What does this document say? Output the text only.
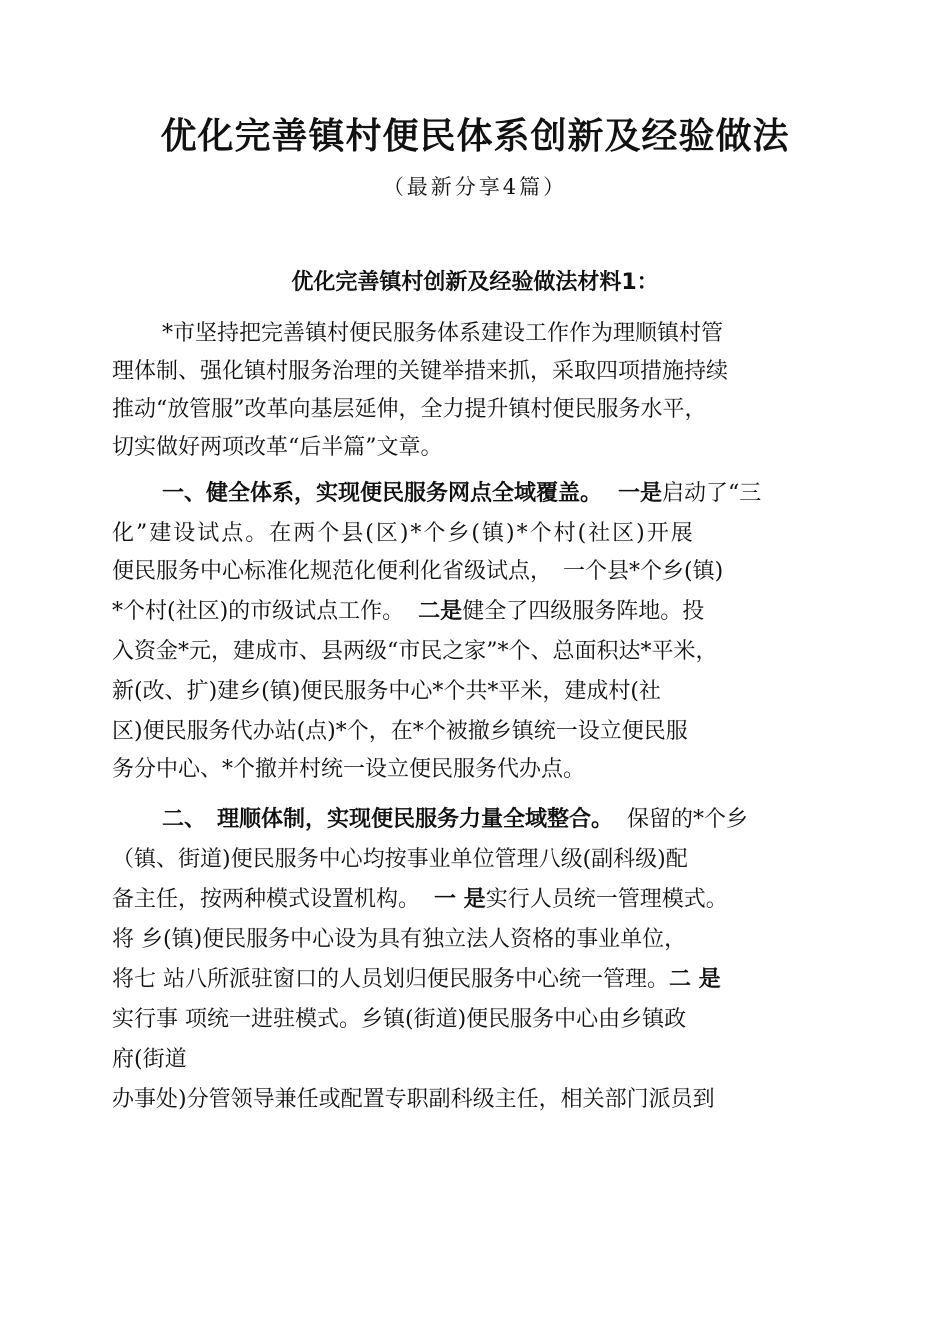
优化完善镇村便民体系创新及经验做法
（最新分享4篇）
优化完善镇村创新及经验做法材料1：
*市坚持把完善镇村便民服务体系建设工作作为理顺镇村管
理体制、强化镇村服务治理的关键举措来抓，采取四项措施持续
推动“放管服”改革向基层延伸，全力提升镇村便民服务水平，
切实做好两项改革“后半篇”文章。
一、健全体系，实现便民服务网点全域覆盖。 一是启动了“三
化”建设试点。在两个县(区)*个乡(镇)*个村(社区)开展
便民服务中心标准化规范化便利化省级试点，　一个县*个乡(镇)
*个村(社区)的市级试点工作。 二是健全了四级服务阵地。投
入资金*元，建成市、县两级“市民之家”*个、总面积达*平米，
新(改、扩)建乡(镇)便民服务中心*个共*平米，建成村(社
区)便民服务代办站(点)*个，在*个被撤乡镇统一设立便民服
务分中心、*个撤并村统一设立便民服务代办点。
二、　理顺体制，实现便民服务力量全域整合。 保留的*个乡
（镇、街道)便民服务中心均按事业单位管理八级(副科级)配
备主任，按两种模式设置机构。 一 是实行人员统一管理模式。
将 乡(镇)便民服务中心设为具有独立法人资格的事业单位，
将七 站八所派驻窗口的人员划归便民服务中心统一管理。二 是
实行事 项统一进驻模式。乡镇(街道)便民服务中心由乡镇政
府(街道
办事处)分管领导兼任或配置专职副科级主任，相关部门派员到
